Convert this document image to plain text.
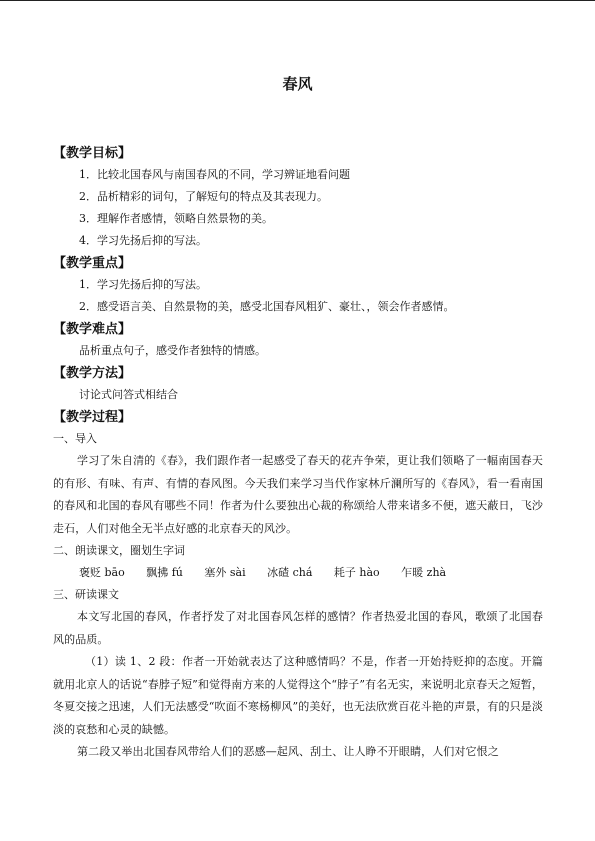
春风
【教学目标】
1．比较北国春风与南国春风的不同，学习辨证地看问题
2．品析精彩的词句，了解短句的特点及其表现力。
3．理解作者感情，领略自然景物的美。
4．学习先扬后抑的写法。
【教学重点】
1．学习先扬后抑的写法。
2．感受语言美、自然景物的美，感受北国春风粗犷、豪壮、，领会作者感情。
【教学难点】
品析重点句子，感受作者独特的情感。
【教学方法】
讨论式问答式相结合
【教学过程】
一、导入
学习了朱自清的《春》，我们跟作者一起感受了春天的花卉争荣，更让我们领略了一幅南国春天的有形、有味、有声、有情的春风图。今天我们来学习当代作家林斤澜所写的《春风》，看一看南国的春风和北国的春风有哪些不同！作者为什么要独出心裁的称颂给人带来诸多不便，遮天蔽日，飞沙走石，人们对他全无半点好感的北京春天的风沙。
二、朗读课文，圈划生字词
褒贬 bāo 飘拂 fú 塞外 sài 冰碴 chá 耗子 hào 乍暖 zhà
三、研读课文
本文写北国的春风，作者抒发了对北国春风怎样的感情？作者热爱北国的春风，歌颂了北国春风的品质。
（1）读 1、2 段：作者一开始就表达了这种感情吗？不是，作者一开始持贬抑的态度。开篇就用北京人的话说“春脖子短”和觉得南方来的人觉得这个“脖子”有名无实，来说明北京春天之短暂，冬夏交接之迅速，人们无法感受“吹面不寒杨柳风”的美好，也无法欣赏百花斗艳的声景，有的只是淡淡的哀愁和心灵的缺憾。
第二段又举出北国春风带给人们的恶感—起风、刮土、让人睁不开眼睛，人们对它恨之
